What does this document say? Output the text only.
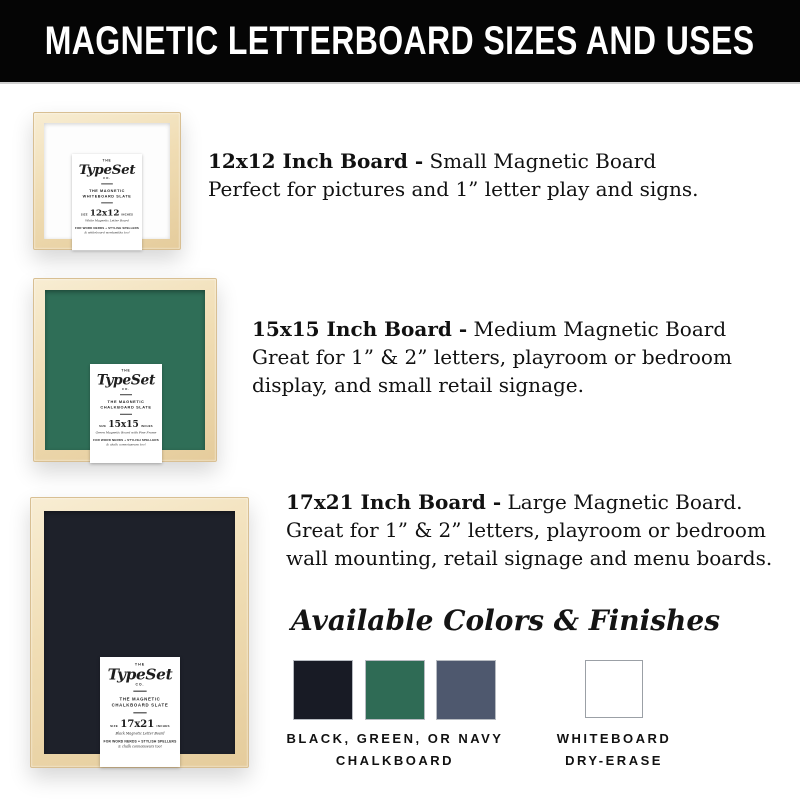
MAGNETIC LETTERBOARD SIZES AND USES
THE
TypeSet
CO.
THE MAGNETIC
WHITEBOARD SLATE
SIZE 12x12 INCHES
White Magnetic Letter Board
FOR WORD NERDS + STYLISH SPELLERS
& whiteboard wordsmiths too!
12x12 Inch Board - Small Magnetic Board
Perfect for pictures and 1” letter play and signs.
THE
TypeSet
CO.
THE MAGNETIC
CHALKBOARD SLATE
SIZE 15x15 INCHES
Green Magnetic Board with Pine Frame
FOR WORD NERDS + STYLISH SPELLERS
& chalk connoisseurs too!
15x15 Inch Board - Medium Magnetic Board
Great for 1” & 2” letters, playroom or bedroom
display, and small retail signage.
THE
TypeSet
CO.
THE MAGNETIC
CHALKBOARD SLATE
SIZE 17x21 INCHES
Black Magnetic Letter Board
FOR WORD NERDS + STYLISH SPELLERS
& chalk connoisseurs too!
17x21 Inch Board - Large Magnetic Board.
Great for 1” & 2” letters, playroom or bedroom
wall mounting, retail signage and menu boards.
Available Colors & Finishes
BLACK, GREEN, OR NAVY
CHALKBOARD
WHITEBOARD
DRY-ERASE
